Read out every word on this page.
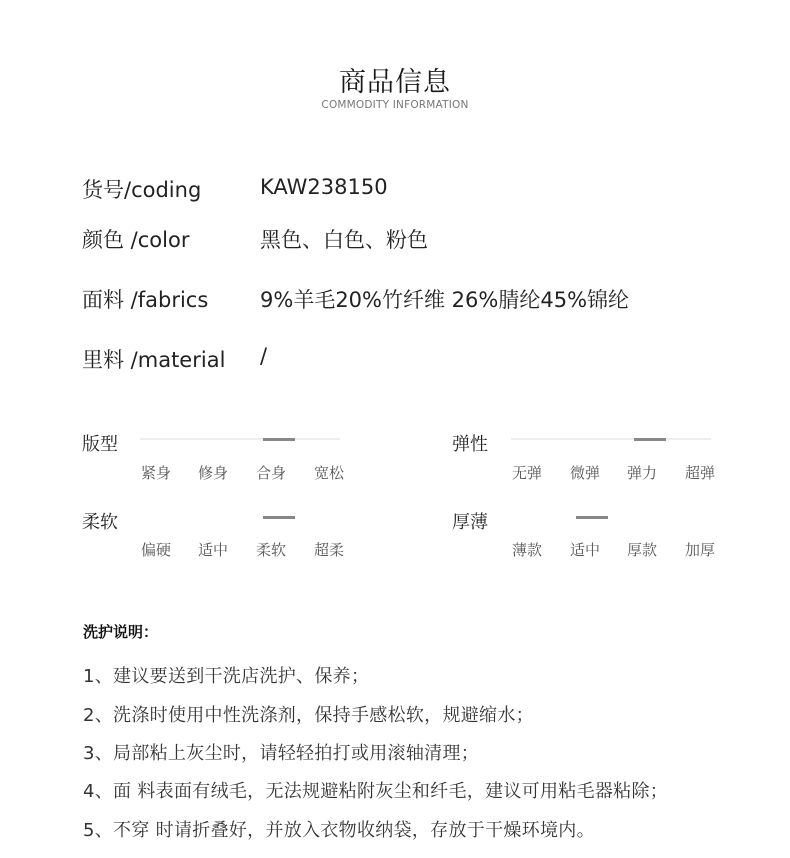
商品信息
COMMODITY INFORMATION
货号/coding	KAW238150
颜色 /color	黑色、白色、粉色
面料 /fabrics 9%羊毛20%竹纤维 26%腈纶45%锦纶
里料 /material /
版型
紧身	修身	合身	宽松
弹性
无弹	微弹	弹力	超弹
柔软
偏硬	适中	柔软	超柔
厚薄
薄款	适中	厚款	加厚
洗护说明：
1、建议要送到干洗店洗护、保养；
2、洗涤时使用中性洗涤剂，保持手感松软，规避缩水；
3、局部粘上灰尘时，请轻轻拍打或用滚轴清理；
4、面 料表面有绒毛，无法规避粘附灰尘和纤毛，建议可用粘毛器粘除；
5、不穿 时请折叠好，并放入衣物收纳袋，存放于干燥环境内。
